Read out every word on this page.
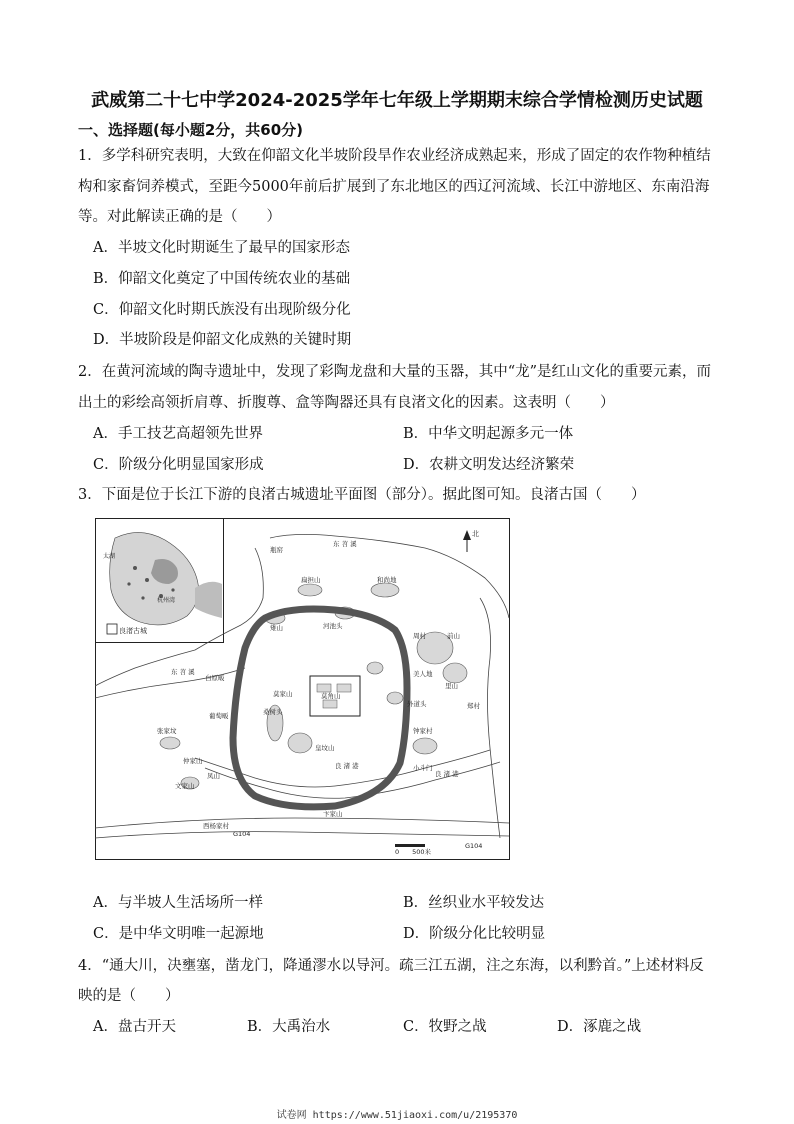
武威第二十七中学2024-2025学年七年级上学期期末综合学情检测历史试题
一、选择题(每小题2分，共60分)
1．多学科研究表明，大致在仰韶文化半坡阶段旱作农业经济成熟起来，形成了固定的农作物种植结
构和家畜饲养模式，至距今5000年前后扩展到了东北地区的西辽河流域、长江中游地区、东南沿海
等。对此解读正确的是（　　）
A．半坡文化时期诞生了最早的国家形态
B．仰韶文化奠定了中国传统农业的基础
C．仰韶文化时期氏族没有出现阶级分化
D．半坡阶段是仰韶文化成熟的关键时期
2．在黄河流域的陶寺遗址中，发现了彩陶龙盘和大量的玉器，其中“龙”是红山文化的重要元素，而
出土的彩绘高领折肩尊、折腹尊、盒等陶器还具有良渚文化的因素。这表明（　　）
A．手工技艺高超领先世界	B．中华文明起源多元一体
C．阶级分化明显国家形成	D．农耕文明发达经济繁荣
3．下面是位于长江下游的良渚古城遗址平面图（部分）。据此图可知。良渚古国（　　）
良渚古城
杭州湾
太湖
北
东 苕 溪
东 苕 溪
良 渚 港
良 渚 港
莫角山
扁担山	和尚地
周村
美人地
里山
郑村
钟家村
前山
张家坟
仲家山
文家山
凤山
西杨家村
皇坟山
桑树头
莫家山
雉山	河池头
白原畈
葡萄畈
小斗门
外道头
瓶窑
G104
G104
卞家山
0　　500米
A．与半坡人生活场所一样	B．丝织业水平较发达
C．是中华文明唯一起源地	D．阶级分化比较明显
4．“通大川，决壅塞，凿龙门，降通漻水以导河。疏三江五湖，注之东海，以利黔首。”上述材料反
映的是（　　）
A．盘古开天	B．大禹治水	C．牧野之战	D．涿鹿之战
试卷网 https://www.51jiaoxi.com/u/2195370
